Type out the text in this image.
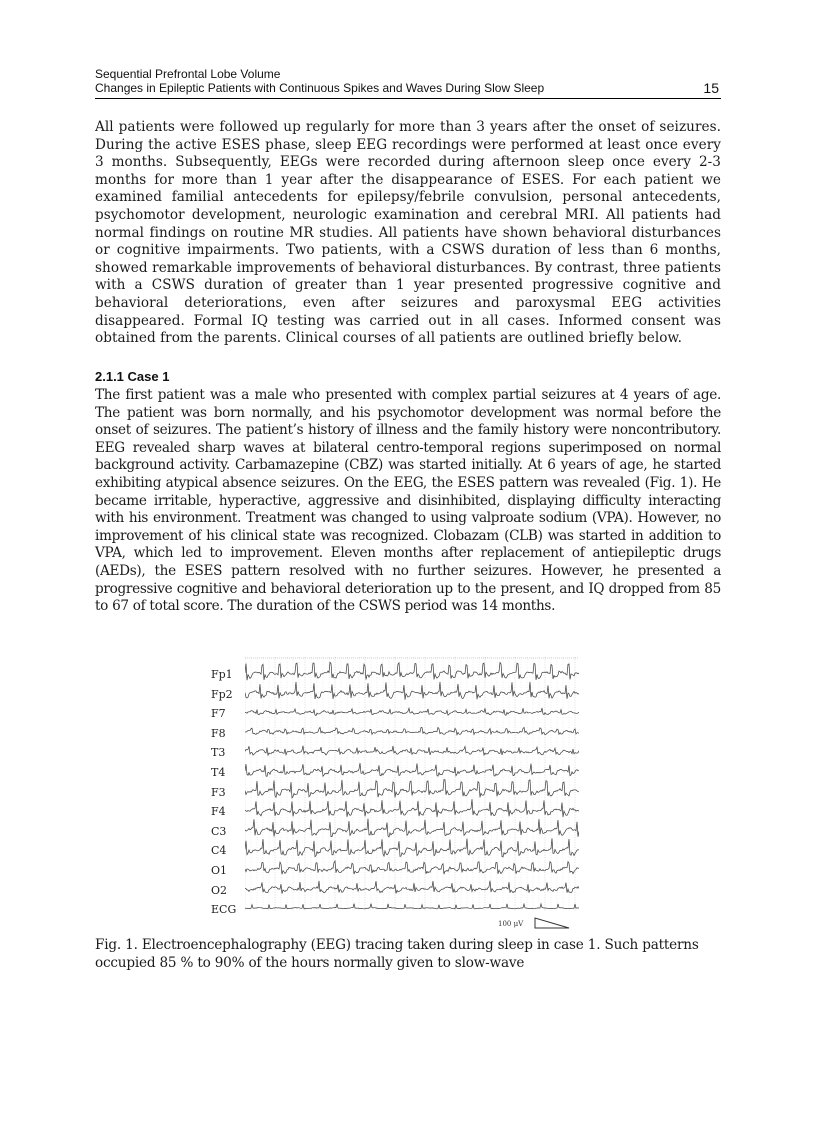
Sequential Prefrontal Lobe Volume
Changes in Epileptic Patients with Continuous Spikes and Waves During Slow Sleep	15

All patients were followed up regularly for more than 3 years after the onset of seizures. During the active ESES phase, sleep EEG recordings were performed at least once every 3 months. Subsequently, EEGs were recorded during afternoon sleep once every 2-3 months for more than 1 year after the disappearance of ESES. For each patient we examined familial antecedents for epilepsy/febrile convulsion, personal antecedents, psychomotor development, neurologic examination and cerebral MRI. All patients had normal findings on routine MR studies. All patients have shown behavioral disturbances or cognitive impairments. Two patients, with a CSWS duration of less than 6 months, showed remarkable improvements of behavioral disturbances. By contrast, three patients with a CSWS duration of greater than 1 year presented progressive cognitive and behavioral deteriorations, even after seizures and paroxysmal EEG activities disappeared. Formal IQ testing was carried out in all cases. Informed consent was obtained from the parents. Clinical courses of all patients are outlined briefly below.

2.1.1 Case 1

The first patient was a male who presented with complex partial seizures at 4 years of age. The patient was born normally, and his psychomotor development was normal before the onset of seizures. The patient’s history of illness and the family history were noncontributory. EEG revealed sharp waves at bilateral centro-temporal regions superimposed on normal background activity. Carbamazepine (CBZ) was started initially. At 6 years of age, he started exhibiting atypical absence seizures. On the EEG, the ESES pattern was revealed (Fig. 1). He became irritable, hyperactive, aggressive and disinhibited, displaying difficulty interacting with his environment. Treatment was changed to using valproate sodium (VPA). However, no improvement of his clinical state was recognized. Clobazam (CLB) was started in addition to VPA, which led to improvement. Eleven months after replacement of antiepileptic drugs (AEDs), the ESES pattern resolved with no further seizures. However, he presented a progressive cognitive and behavioral deterioration up to the present, and IQ dropped from 85 to 67 of total score. The duration of the CSWS period was 14 months.

Fp1
Fp2
F7
F8
T3
T4
F3
F4
C3
C4
O1
O2
ECG
100 μV

Fig. 1. Electroencephalography (EEG) tracing taken during sleep in case 1. Such patterns occupied 85 % to 90% of the hours normally given to slow-wave
